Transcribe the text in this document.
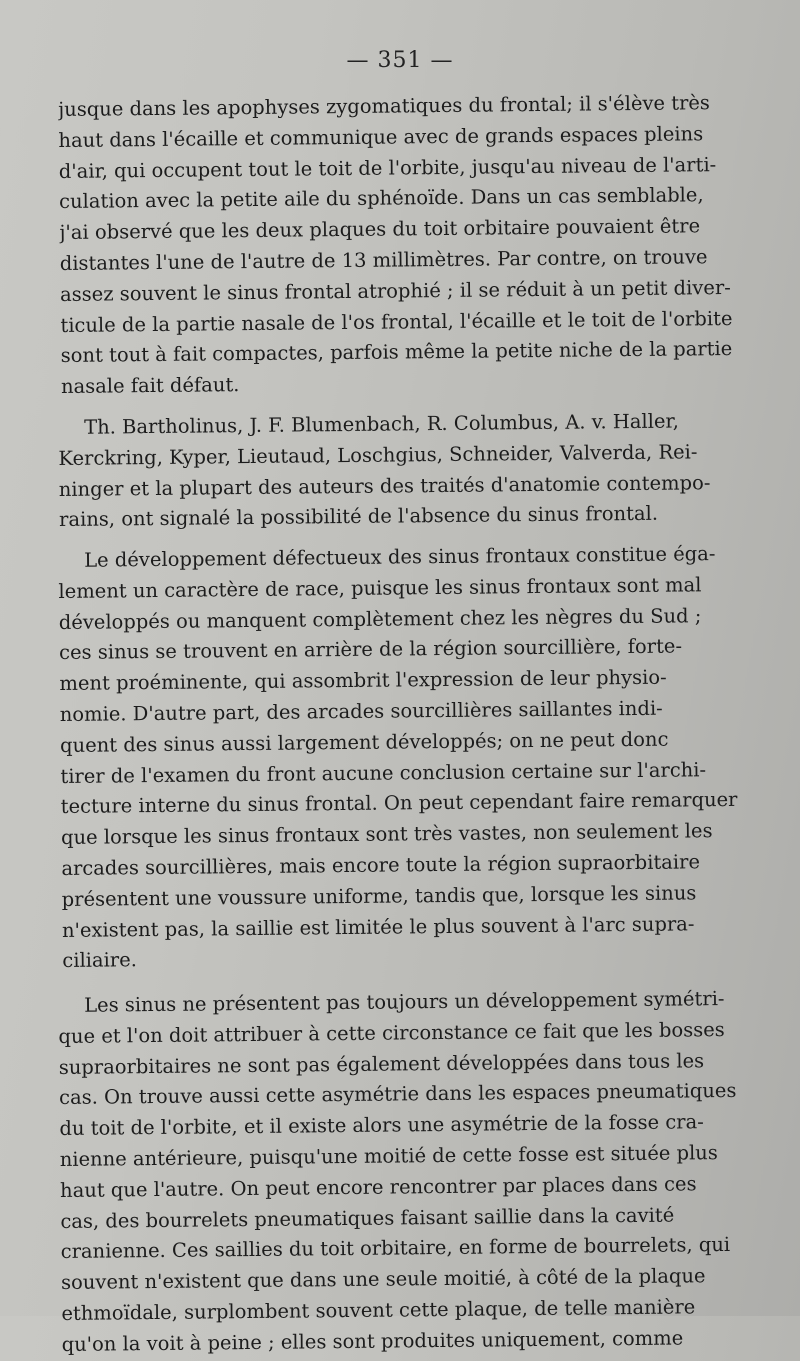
— 351 —
jusque dans les apophyses zygomatiques du frontal; il s'élève très
haut dans l'écaille et communique avec de grands espaces pleins
d'air, qui occupent tout le toit de l'orbite, jusqu'au niveau de l'arti-
culation avec la petite aile du sphénoïde. Dans un cas semblable,
j'ai observé que les deux plaques du toit orbitaire pouvaient être
distantes l'une de l'autre de 13 millimètres. Par contre, on trouve
assez souvent le sinus frontal atrophié ; il se réduit à un petit diver-
ticule de la partie nasale de l'os frontal, l'écaille et le toit de l'orbite
sont tout à fait compactes, parfois même la petite niche de la partie
nasale fait défaut.
Th. Bartholinus, J. F. Blumenbach, R. Columbus, A. v. Haller,
Kerckring, Kyper, Lieutaud, Loschgius, Schneider, Valverda, Rei-
ninger et la plupart des auteurs des traités d'anatomie contempo-
rains, ont signalé la possibilité de l'absence du sinus frontal.
Le développement défectueux des sinus frontaux constitue éga-
lement un caractère de race, puisque les sinus frontaux sont mal
développés ou manquent complètement chez les nègres du Sud ;
ces sinus se trouvent en arrière de la région sourcillière, forte-
ment proéminente, qui assombrit l'expression de leur physio-
nomie. D'autre part, des arcades sourcillières saillantes indi-
quent des sinus aussi largement développés; on ne peut donc
tirer de l'examen du front aucune conclusion certaine sur l'archi-
tecture interne du sinus frontal. On peut cependant faire remarquer
que lorsque les sinus frontaux sont très vastes, non seulement les
arcades sourcillières, mais encore toute la région supraorbitaire
présentent une voussure uniforme, tandis que, lorsque les sinus
n'existent pas, la saillie est limitée le plus souvent à l'arc supra-
ciliaire.
Les sinus ne présentent pas toujours un développement symétri-
que et l'on doit attribuer à cette circonstance ce fait que les bosses
supraorbitaires ne sont pas également développées dans tous les
cas. On trouve aussi cette asymétrie dans les espaces pneumatiques
du toit de l'orbite, et il existe alors une asymétrie de la fosse cra-
nienne antérieure, puisqu'une moitié de cette fosse est située plus
haut que l'autre. On peut encore rencontrer par places dans ces
cas, des bourrelets pneumatiques faisant saillie dans la cavité
cranienne. Ces saillies du toit orbitaire, en forme de bourrelets, qui
souvent n'existent que dans une seule moitié, à côté de la plaque
ethmoïdale, surplombent souvent cette plaque, de telle manière
qu'on la voit à peine ; elles sont produites uniquement, comme
